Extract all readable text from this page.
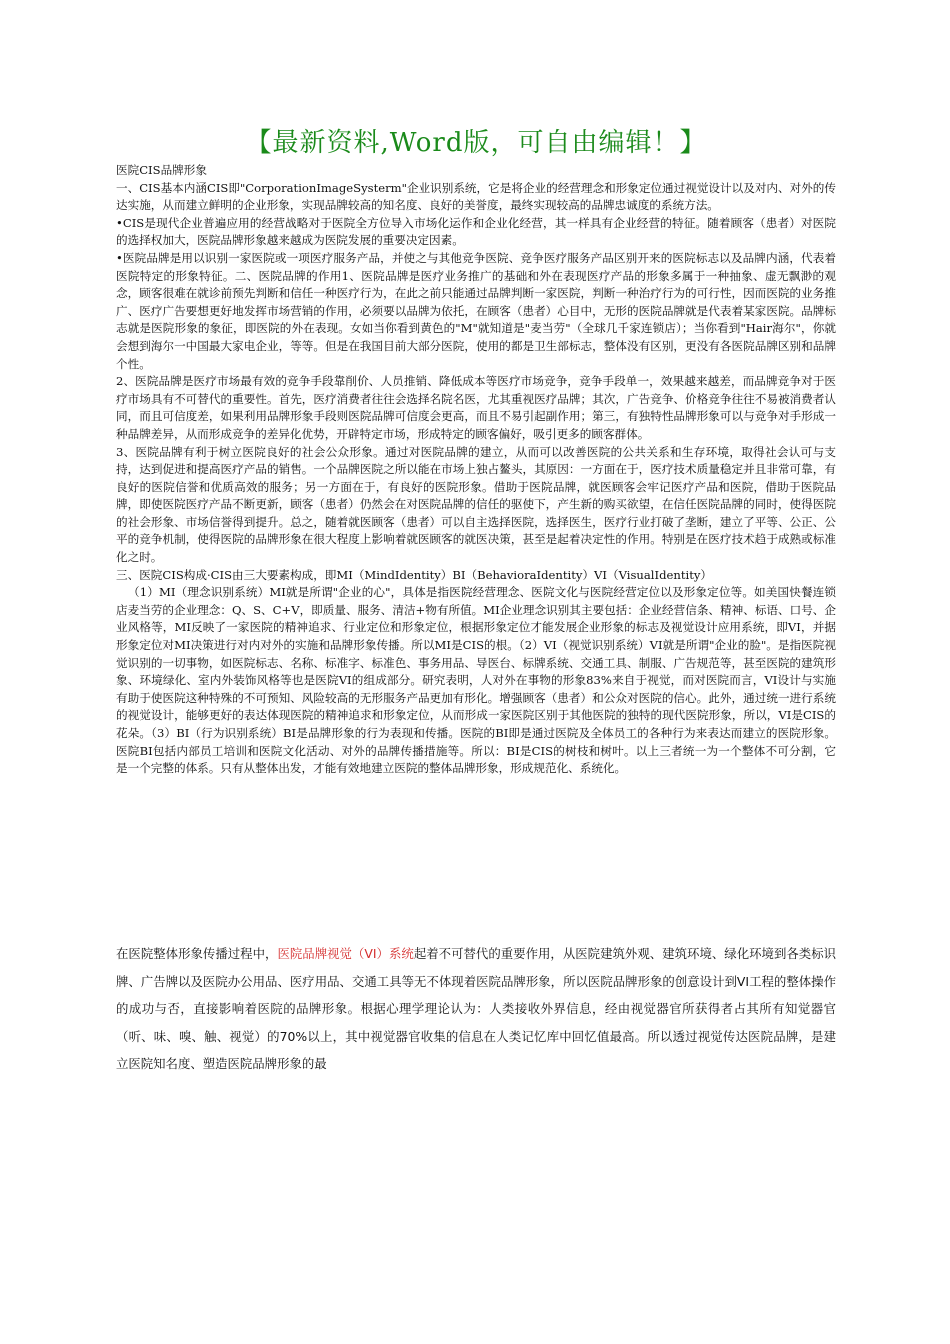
【最新资料,Word版，可自由编辑！】

医院CIS品牌形象

一、CIS基本内涵CIS即"CorporationImageSysterm"企业识别系统，它是将企业的经营理念和形象定位通过视觉设计以及对内、对外的传达实施，从而建立鲜明的企业形象，实现品牌较高的知名度、良好的美誉度，最终实现较高的品牌忠诚度的系统方法。

•CIS是现代企业普遍应用的经营战略对于医院全方位导入市场化运作和企业化经营，其一样具有企业经营的特征。随着顾客（患者）对医院的选择权加大，医院品牌形象越来越成为医院发展的重要决定因素。

•医院品牌是用以识别一家医院或一项医疗服务产品，并使之与其他竞争医院、竞争医疗服务产品区别开来的医院标志以及品牌内涵，代表着医院特定的形象特征。二、医院品牌的作用1、医院品牌是医疗业务推广的基础和外在表现医疗产品的形象多属于一种抽象、虚无飘渺的观念，顾客很难在就诊前预先判断和信任一种医疗行为，在此之前只能通过品牌判断一家医院，判断一种治疗行为的可行性，因而医院的业务推广、医疗广告要想更好地发挥市场营销的作用，必须要以品牌为依托，在顾客（患者）心目中，无形的医院品牌就是代表着某家医院。品牌标志就是医院形象的象征，即医院的外在表现。女如当你看到黄色的"M"就知道是"麦当劳"（全球几千家连锁店）；当你看到"Hair海尔"，你就会想到海尔一中国最大家电企业，等等。但是在我国目前大部分医院，使用的都是卫生部标志，整体没有区别，更没有各医院品牌区别和品牌个性。

2、医院品牌是医疗市场最有效的竞争手段靠削价、人员推销、降低成本等医疗市场竞争，竞争手段单一，效果越来越差，而品牌竞争对于医疗市场具有不可替代的重要性。首先，医疗消费者往往会选择名院名医，尤其重视医疗品牌；其次，广告竞争、价格竞争往往不易被消费者认同，而且可信度差，如果利用品牌形象手段则医院品牌可信度会更高，而且不易引起副作用；第三，有独特性品牌形象可以与竞争对手形成一种品牌差异，从而形成竞争的差异化优势，开辟特定市场，形成特定的顾客偏好，吸引更多的顾客群体。

3、医院品牌有利于树立医院良好的社会公众形象。通过对医院品牌的建立，从而可以改善医院的公共关系和生存环境，取得社会认可与支持，达到促进和提高医疗产品的销售。一个品牌医院之所以能在市场上独占鳌头，其原因：一方面在于，医疗技术质量稳定并且非常可靠，有良好的医院信誉和优质高效的服务；另一方面在于，有良好的医院形象。借助于医院品牌，就医顾客会牢记医疗产品和医院，借助于医院品牌，即使医院医疗产品不断更新，顾客（患者）仍然会在对医院品牌的信任的驱使下，产生新的购买欲望，在信任医院品牌的同时，使得医院的社会形象、市场信誉得到提升。总之，随着就医顾客（患者）可以自主选择医院，选择医生，医疗行业打破了垄断，建立了平等、公正、公平的竞争机制，使得医院的品牌形象在很大程度上影响着就医顾客的就医决策，甚至是起着决定性的作用。特别是在医疗技术趋于成熟或标准化之时。

三、医院CIS构成·CIS由三大要素构成，即MI（MindIdentity）BI（BehavioraIdentity）VI（VisualIdentity）

（1）MI（理念识别系统）MI就是所谓"企业的心"，具体是指医院经营理念、医院文化与医院经营定位以及形象定位等。如美国快餐连锁店麦当劳的企业理念：Q、S、C+V，即质量、服务、清洁+物有所值。MI企业理念识别其主要包括：企业经营信条、精神、标语、口号、企业风格等，MI反映了一家医院的精神追求、行业定位和形象定位，根据形象定位才能发展企业形象的标志及视觉设计应用系统，即VI，并据形象定位对MI决策进行对内对外的实施和品牌形象传播。所以MI是CIS的根。（2）VI（视觉识别系统）VI就是所谓"企业的脸"。是指医院视觉识别的一切事物，如医院标志、名称、标准字、标准色、事务用品、导医台、标牌系统、交通工具、制服、广告规范等，甚至医院的建筑形象、环境绿化、室内外装饰风格等也是医院VI的组成部分。研究表明，人对外在事物的形象83%来自于视觉，而对医院而言，VI设计与实施有助于使医院这种特殊的不可预知、风险较高的无形服务产品更加有形化。增强顾客（患者）和公众对医院的信心。此外，通过统一进行系统的视觉设计，能够更好的表达体现医院的精神追求和形象定位，从而形成一家医院区别于其他医院的独特的现代医院形象，所以，VI是CIS的花朵。（3）BI（行为识别系统）BI是品牌形象的行为表现和传播。医院的BI即是通过医院及全体员工的各种行为来表达而建立的医院形象。医院BI包括内部员工培训和医院文化活动、对外的品牌传播措施等。所以：BI是CIS的树枝和树叶。以上三者统一为一个整体不可分割，它是一个完整的体系。只有从整体出发，才能有效地建立医院的整体品牌形象，形成规范化、系统化。

在医院整体形象传播过程中，医院品牌视觉（VI）系统起着不可替代的重要作用，从医院建筑外观、建筑环境、绿化环境到各类标识牌、广告牌以及医院办公用品、医疗用品、交通工具等无不体现着医院品牌形象，所以医院品牌形象的创意设计到VI工程的整体操作的成功与否，直接影响着医院的品牌形象。根据心理学理论认为：人类接收外界信息，经由视觉器官所获得者占其所有知觉器官（听、味、嗅、触、视觉）的70%以上，其中视觉器官收集的信息在人类记忆库中回忆值最高。所以透过视觉传达医院品牌，是建立医院知名度、塑造医院品牌形象的最
